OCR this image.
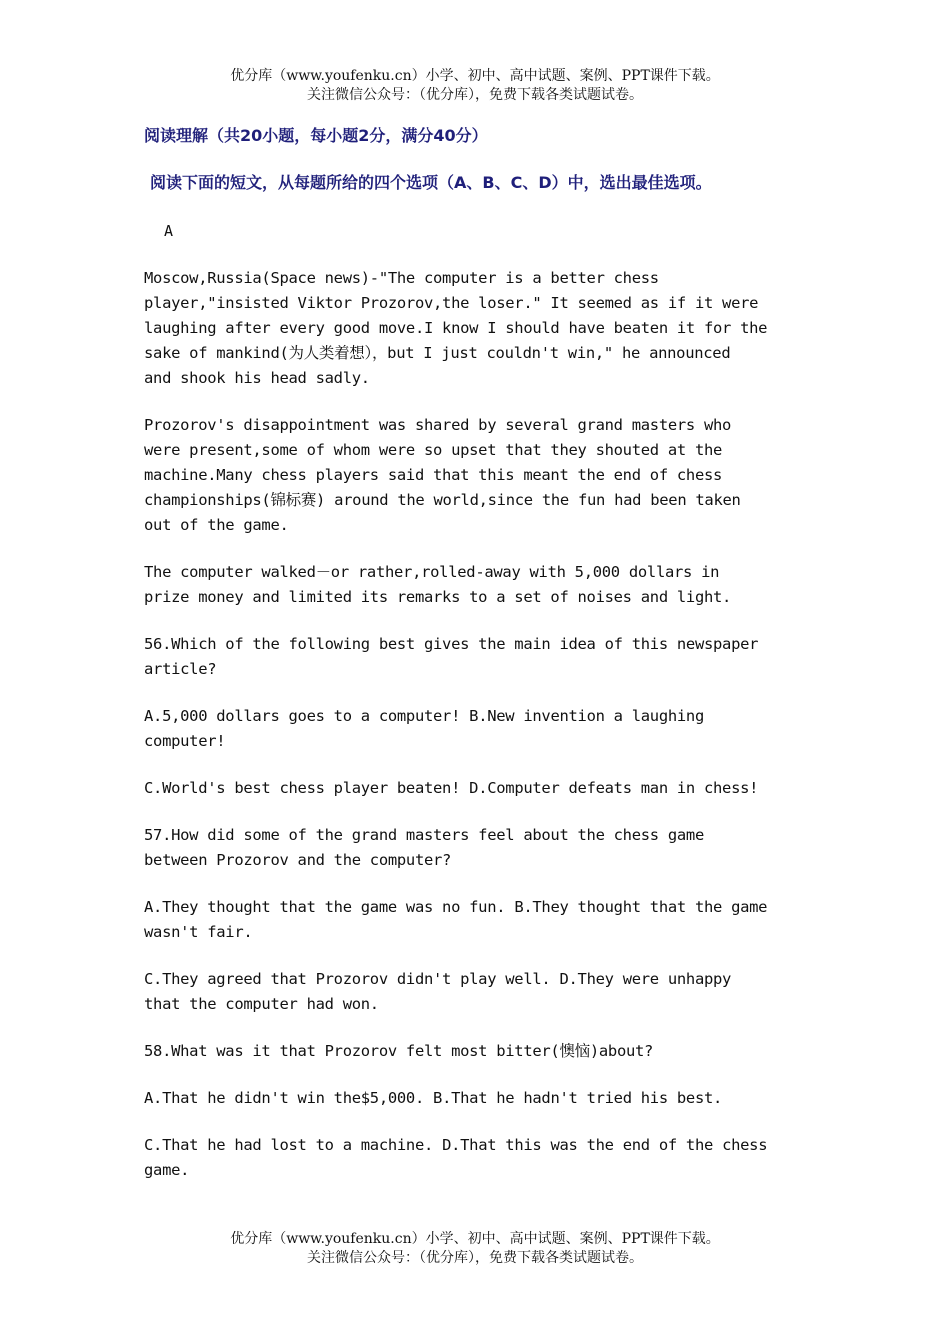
优分库（www.youfenku.cn）小学、初中、高中试题、案例、PPT课件下载。
关注微信公众号：（优分库），免费下载各类试题试卷。

阅读理解（共20小题，每小题2分，满分40分）

阅读下面的短文，从每题所给的四个选项（A、B、C、D）中，选出最佳选项。

A
Moscow,Russia(Space news)-"The computer is a better chess
player,"insisted Viktor Prozorov,the loser." It seemed as if it were
laughing after every good move.I know I should have beaten it for the
sake of mankind(为人类着想），but I just couldn't win," he announced
and shook his head sadly.
Prozorov's disappointment was shared by several grand masters who
were present,some of whom were so upset that they shouted at the
machine.Many chess players said that this meant the end of chess
championships(锦标赛) around the world,since the fun had been taken
out of the game.
The computer walked－or rather,rolled-away with 5,000 dollars in
prize money and limited its remarks to a set of noises and light.
56.Which of the following best gives the main idea of this newspaper
article?
A.5,000 dollars goes to a computer! B.New invention a laughing
computer!
C.World's best chess player beaten! D.Computer defeats man in chess!
57.How did some of the grand masters feel about the chess game
between Prozorov and the computer?
A.They thought that the game was no fun. B.They thought that the game
wasn't fair.
C.They agreed that Prozorov didn't play well. D.They were unhappy
that the computer had won.
58.What was it that Prozorov felt most bitter(懊恼)about?
A.That he didn't win the$5,000. B.That he hadn't tried his best.
C.That he had lost to a machine. D.That this was the end of the chess
game.
优分库（www.youfenku.cn）小学、初中、高中试题、案例、PPT课件下载。
关注微信公众号：（优分库），免费下载各类试题试卷。
